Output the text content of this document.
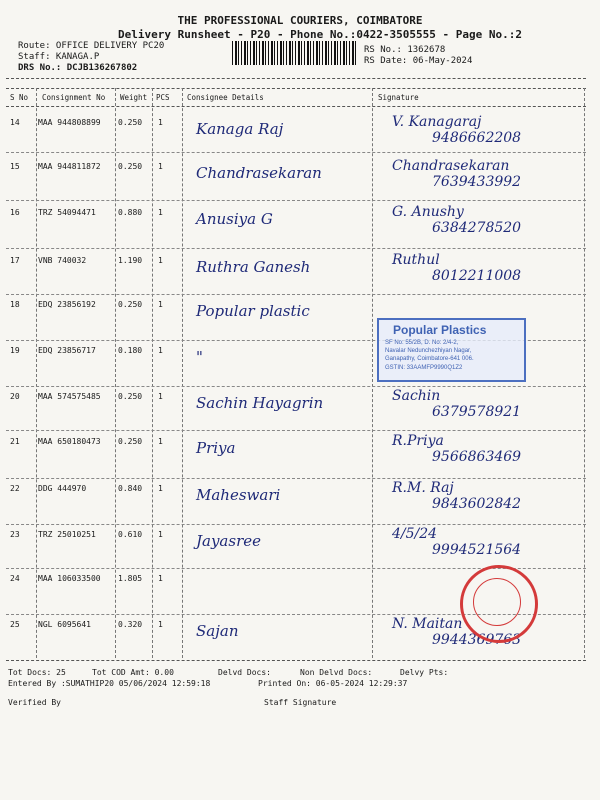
THE PROFESSIONAL COURIERS, COIMBATORE
Delivery Runsheet - P20 - Phone No.:0422-3505555 - Page No.:2
Route: OFFICE DELIVERY PC20
Staff: KANAGA.P
DRS No.: DCJB136267802
RS No.: 1362678
RS Date: 06-May-2024
S No Consignment No Weight PCS Consignee Details	Signature
14 MAA 944808899 0.250 1 Kanaga Raj	V. Kanagaraj
9486662208
15 MAA 944811872 0.250 1 Chandrasekaran	Chandrasekaran
7639433992
16 TRZ 54094471	0.880 1 Anusiya G	G. Anushy
6384278520
17 VNB 740032	1.190 1 Ruthra Ganesh	Ruthul
8012211008
18 EDQ 23856192	0.250 1 Popular plastic
19 EDQ 23856717	0.180 1 "
20 MAA 574575485 0.250 1 Sachin Hayagrin	Sachin
6379578921
21 MAA 650180473 0.250 1 Priya	R.Priya
9566863469
22 DDG 444970	0.840 1 Maheswari	R.M. Raj
9843602842
23 TRZ 25010251	0.610 1 Jayasree	4/5/24
9994521564
24 MAA 106033500 1.805 1
25 NGL 6095641	0.320 1 Sajan	N. Maitan
9944369763
Popular Plastics
SF No: 55/2B, D. No: 2/4-2,
Navalar Nedunchezhiyan Nagar,
Ganapathy, Coimbatore-641 006.
GSTIN: 33AAMFP9990Q1Z2
Tot Docs: 25	Tot COD Amt: 0.00	Delvd Docs:	Non Delvd Docs:	Delvy Pts:
Entered By :SUMATHIP20 05/06/2024 12:59:18	Printed On: 06-05-2024 12:29:37
Verified By	Staff Signature
